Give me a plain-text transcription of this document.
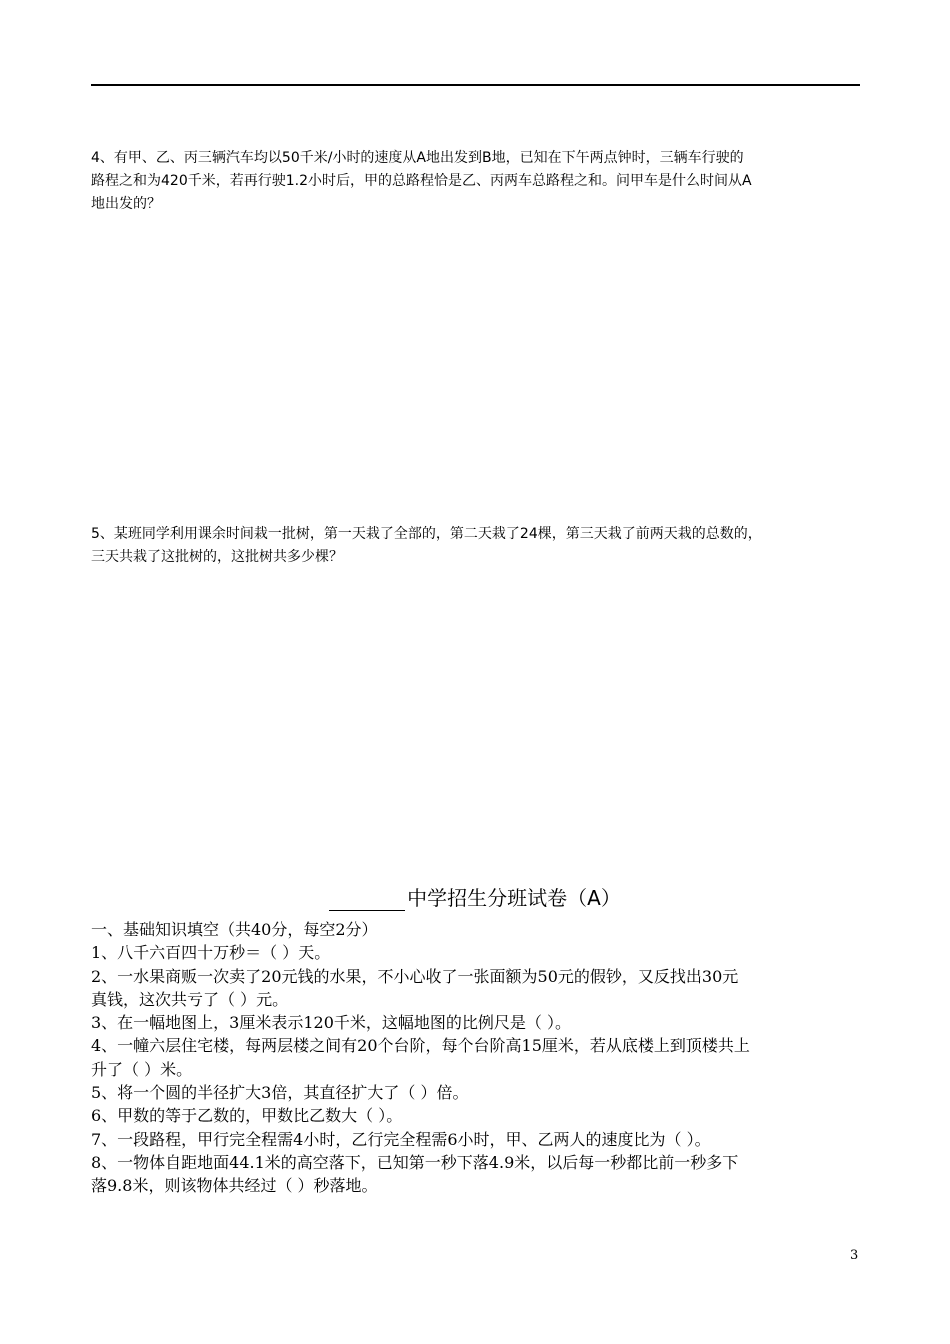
4、有甲、乙、丙三辆汽车均以50千米/小时的速度从A地出发到B地，已知在下午两点钟时，三辆车行驶的
路程之和为420千米，若再行驶1.2小时后，甲的总路程恰是乙、丙两车总路程之和。问甲车是什么时间从A
地出发的？
5、某班同学利用课余时间栽一批树，第一天栽了全部的，第二天栽了24棵，第三天栽了前两天栽的总数的，
三天共栽了这批树的，这批树共多少棵？
中学招生分班试卷（A）
一、基础知识填空（共40分，每空2分）
1、八千六百四十万秒＝（ ）天。
2、一水果商贩一次卖了20元钱的水果，不小心收了一张面额为50元的假钞，又反找出30元
真钱，这次共亏了（ ）元。
3、在一幅地图上，3厘米表示120千米，这幅地图的比例尺是（ ）。
4、一幢六层住宅楼，每两层楼之间有20个台阶，每个台阶高15厘米，若从底楼上到顶楼共上
升了（ ）米。
5、将一个圆的半径扩大3倍，其直径扩大了（ ）倍。
6、甲数的等于乙数的，甲数比乙数大（ ）。
7、一段路程，甲行完全程需4小时，乙行完全程需6小时，甲、乙两人的速度比为（ ）。
8、一物体自距地面44.1米的高空落下，已知第一秒下落4.9米，以后每一秒都比前一秒多下
落9.8米，则该物体共经过（ ）秒落地。
3
